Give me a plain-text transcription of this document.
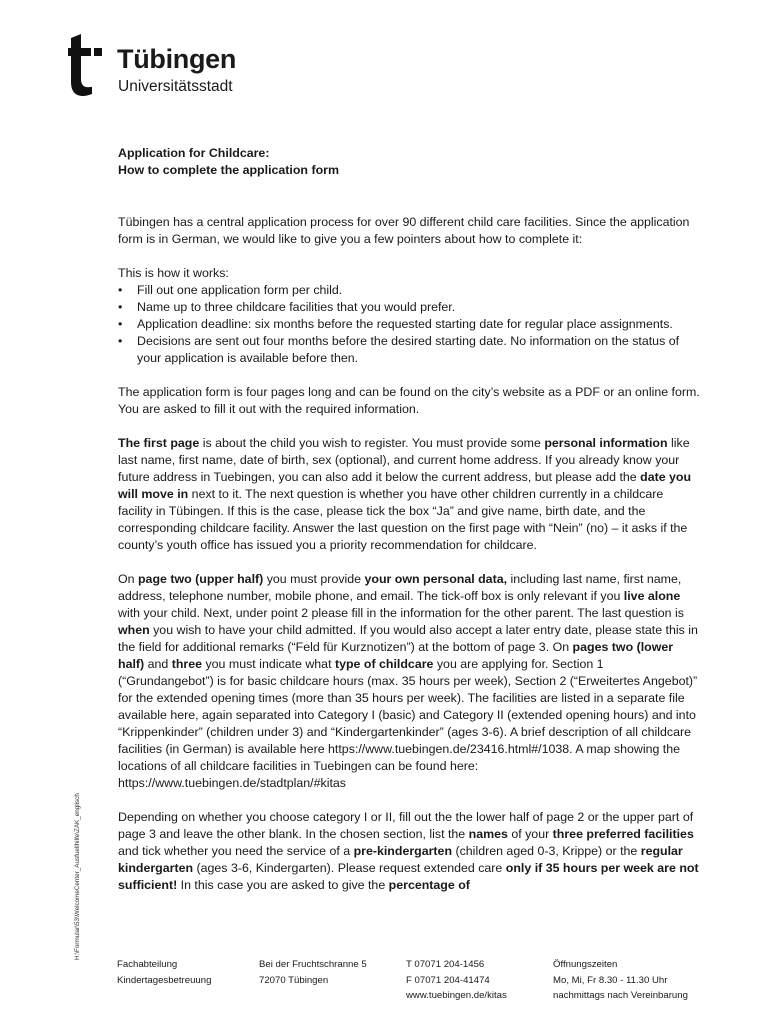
Tübingen
Universitätsstadt
H:\Formular\53\WelcomeCenter_Ausfuellhilfe\ZAK_englisch
Application for Childcare:
How to complete the application form

Tübingen has a central application process for over 90 different child care facilities. Since the application form is in German, we would like to give you a few pointers about how to complete it:

This is how it works:
• Fill out one application form per child.
• Name up to three childcare facilities that you would prefer.
• Application deadline: six months before the requested starting date for regular place assignments.
• Decisions are sent out four months before the desired starting date. No information on the status of your application is available before then.

The application form is four pages long and can be found on the city’s website as a PDF or an online form. You are asked to fill it out with the required information.

The first page is about the child you wish to register. You must provide some personal information like last name, first name, date of birth, sex (optional), and current home address. If you already know your future address in Tuebingen, you can also add it below the current address, but please add the date you will move in next to it. The next question is whether you have other children currently in a childcare facility in Tübingen. If this is the case, please tick the box “Ja” and give name, birth date, and the corresponding childcare facility. Answer the last question on the first page with “Nein” (no) – it asks if the county’s youth office has issued you a priority recommendation for childcare.

On page two (upper half) you must provide your own personal data, including last name, first name, address, telephone number, mobile phone, and email. The tick-off box is only relevant if you live alone with your child. Next, under point 2 please fill in the information for the other parent. The last question is when you wish to have your child admitted. If you would also accept a later entry date, please state this in the field for additional remarks (“Feld für Kurznotizen”) at the bottom of page 3. On pages two (lower half) and three you must indicate what type of childcare you are applying for. Section 1 (“Grundangebot”) is for basic childcare hours (max. 35 hours per week), Section 2 (“Erweitertes Angebot)” for the extended opening times (more than 35 hours per week). The facilities are listed in a separate file available here, again separated into Category I (basic) and Category II (extended opening hours) and into “Krippenkinder” (children under 3) and “Kindergartenkinder” (ages 3-6). A brief description of all childcare facilities (in German) is available here https://www.tuebingen.de/23416.html#/1038. A map showing the locations of all childcare facilities in Tuebingen can be found here: https://www.tuebingen.de/stadtplan/#kitas

Depending on whether you choose category I or II, fill out the the lower half of page 2 or the upper part of page 3 and leave the other blank. In the chosen section, list the names of your three preferred facilities and tick whether you need the service of a pre-kindergarten (children aged 0-3, Krippe) or the regular kindergarten (ages 3-6, Kindergarten). Please request extended care only if 35 hours per week are not sufficient! In this case you are asked to give the percentage of

Fachabteilung
Kindertagesbetreuung
Bei der Fruchtschranne 5
72070 Tübingen
T 07071 204-1456
F 07071 204-41474
www.tuebingen.de/kitas
Öffnungszeiten
Mo, Mi, Fr 8.30 - 11.30 Uhr
nachmittags nach Vereinbarung
